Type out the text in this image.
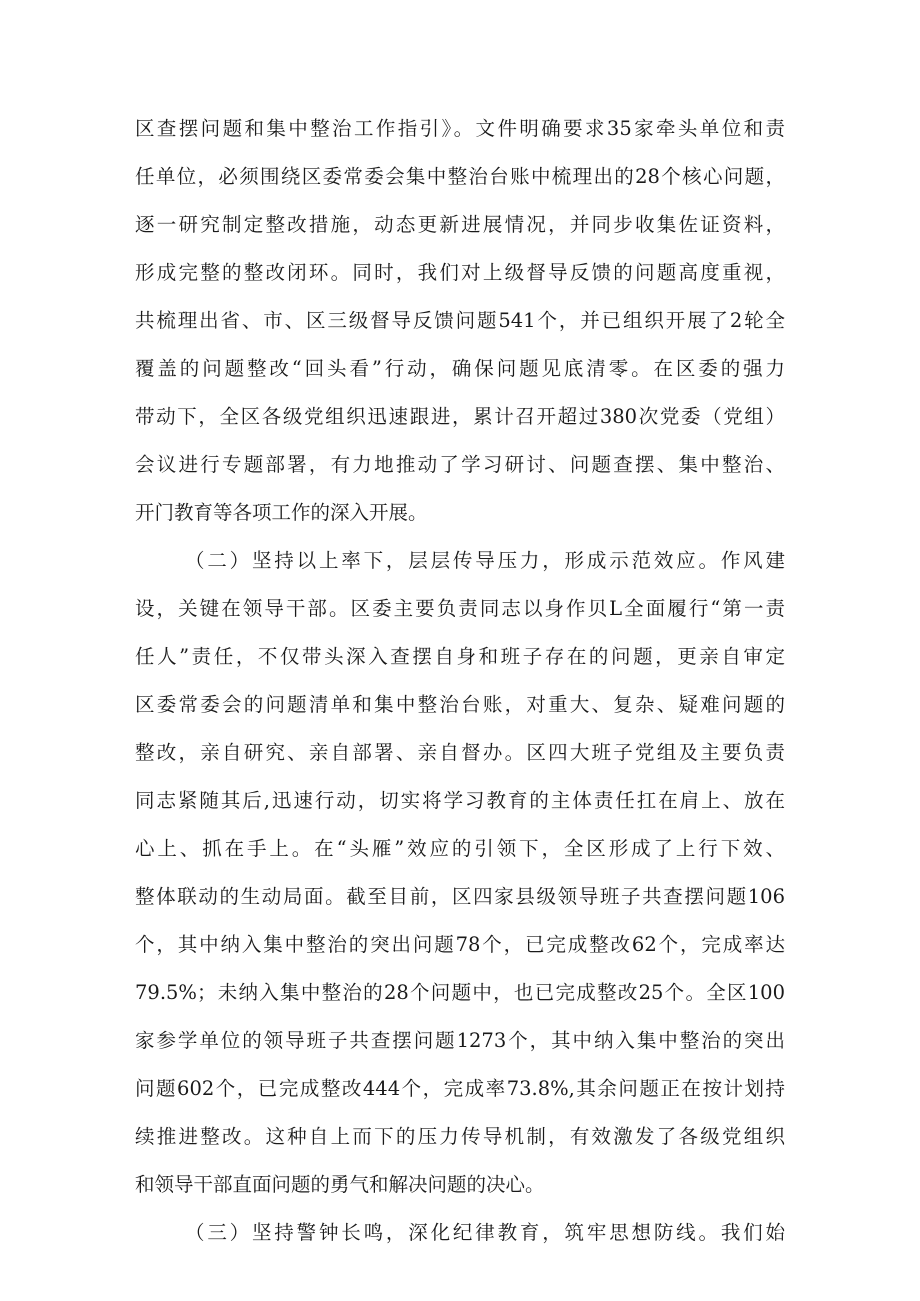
区查摆问题和集中整治工作指引》。文件明确要求35家牵头单位和责
任单位，必须围绕区委常委会集中整治台账中梳理出的28个核心问题，
逐一研究制定整改措施，动态更新进展情况，并同步收集佐证资料，
形成完整的整改闭环。同时，我们对上级督导反馈的问题高度重视，
共梳理出省、市、区三级督导反馈问题541个，并已组织开展了2轮全
覆盖的问题整改“回头看”行动，确保问题见底清零。在区委的强力
带动下，全区各级党组织迅速跟进，累计召开超过380次党委（党组）
会议进行专题部署，有力地推动了学习研讨、问题查摆、集中整治、
开门教育等各项工作的深入开展。
（二）坚持以上率下，层层传导压力，形成示范效应。作风建
设，关键在领导干部。区委主要负责同志以身作贝L全面履行“第一责
任人”责任，不仅带头深入查摆自身和班子存在的问题，更亲自审定
区委常委会的问题清单和集中整治台账，对重大、复杂、疑难问题的
整改，亲自研究、亲自部署、亲自督办。区四大班子党组及主要负责
同志紧随其后,迅速行动，切实将学习教育的主体责任扛在肩上、放在
心上、抓在手上。在“头雁”效应的引领下，全区形成了上行下效、
整体联动的生动局面。截至目前，区四家县级领导班子共查摆问题106
个，其中纳入集中整治的突出问题78个，已完成整改62个，完成率达
79.5%；未纳入集中整治的28个问题中，也已完成整改25个。全区100
家参学单位的领导班子共查摆问题1273个，其中纳入集中整治的突出
问题602个，已完成整改444个，完成率73.8%,其余问题正在按计划持
续推进整改。这种自上而下的压力传导机制，有效激发了各级党组织
和领导干部直面问题的勇气和解决问题的决心。
（三）坚持警钟长鸣，深化纪律教育，筑牢思想防线。我们始
